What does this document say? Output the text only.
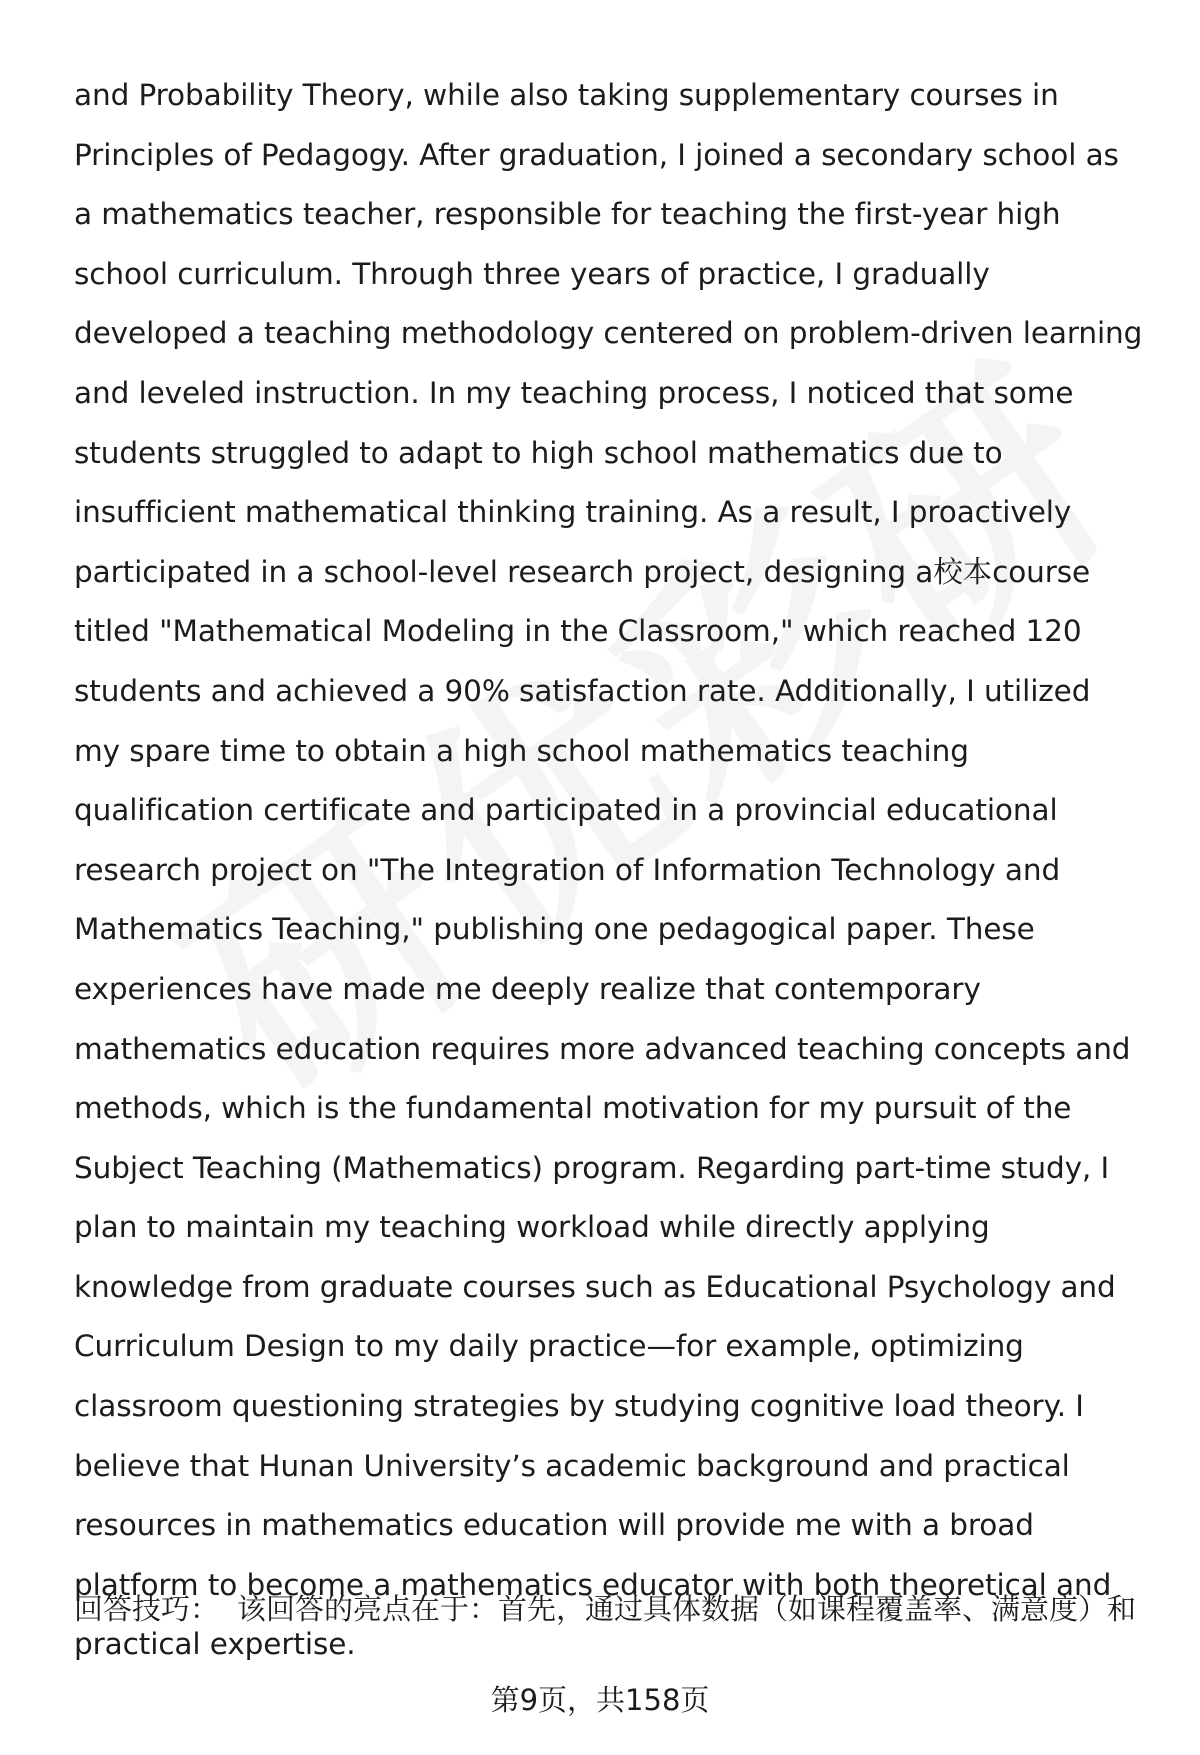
and Probability Theory, while also taking supplementary courses in Principles of Pedagogy. After graduation, I joined a secondary school as a mathematics teacher, responsible for teaching the first-year high school curriculum. Through three years of practice, I gradually developed a teaching methodology centered on problem-driven learning and leveled instruction. In my teaching process, I noticed that some students struggled to adapt to high school mathematics due to insufficient mathematical thinking training. As a result, I proactively participated in a school-level research project, designing a校本course titled "Mathematical Modeling in the Classroom," which reached 120 students and achieved a 90% satisfaction rate. Additionally, I utilized my spare time to obtain a high school mathematics teaching qualification certificate and participated in a provincial educational research project on "The Integration of Information Technology and Mathematics Teaching," publishing one pedagogical paper. These experiences have made me deeply realize that contemporary mathematics education requires more advanced teaching concepts and methods, which is the fundamental motivation for my pursuit of the Subject Teaching (Mathematics) program. Regarding part-time study, I plan to maintain my teaching workload while directly applying knowledge from graduate courses such as Educational Psychology and Curriculum Design to my daily practice—for example, optimizing classroom questioning strategies by studying cognitive load theory. I believe that Hunan University’s academic background and practical resources in mathematics education will provide me with a broad platform to become a mathematics educator with both theoretical and practical expertise.

回答技巧： 该回答的亮点在于：首先，通过具体数据（如课程覆盖率、满意度）和

第9页，共158页
